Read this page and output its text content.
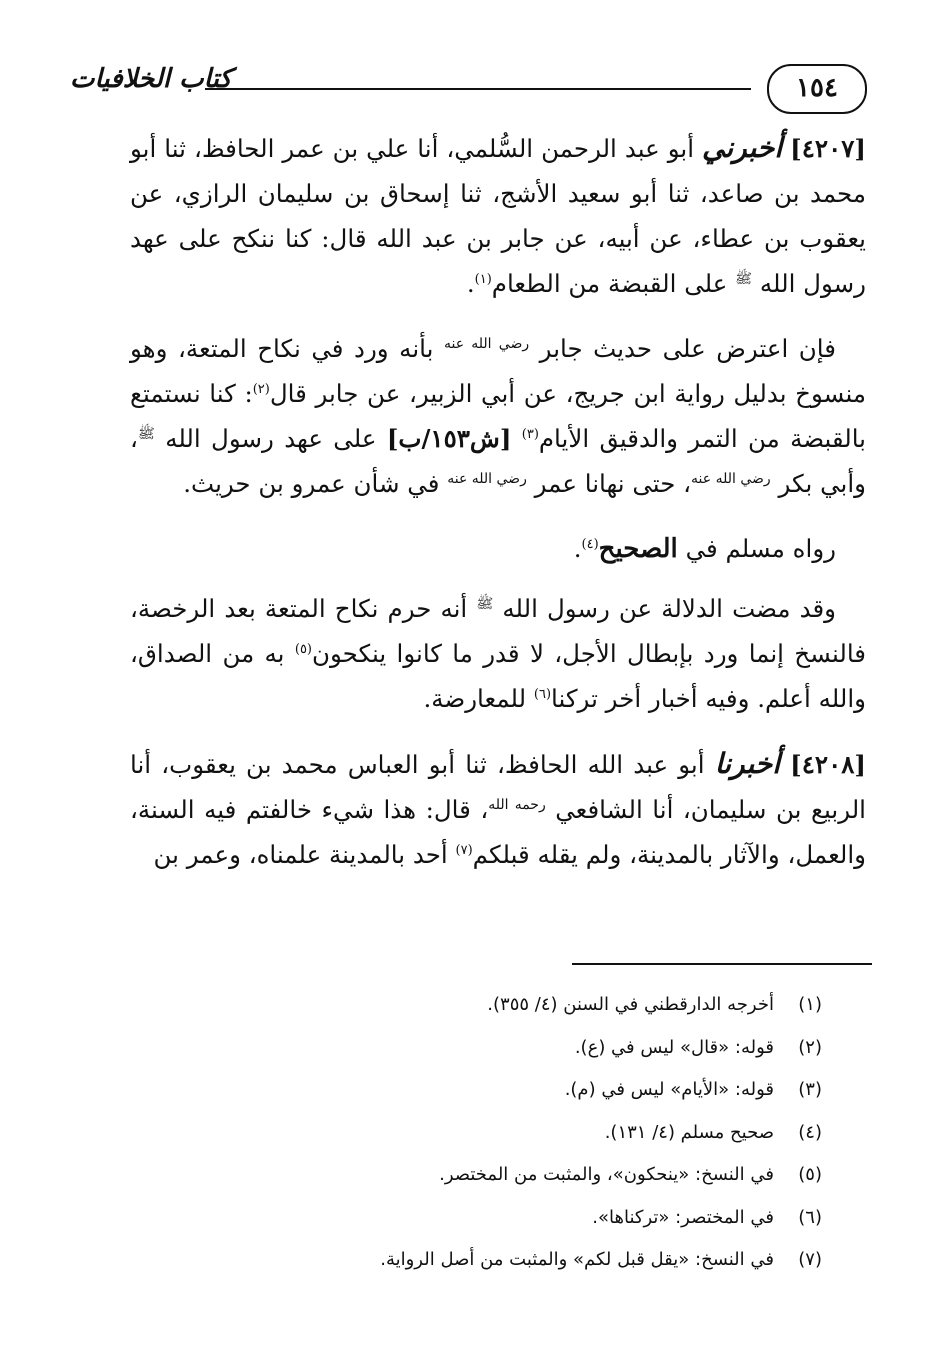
١٥٤
كتاب الخلافيات

[٤٢٠٧] أخبرني أبو عبد الرحمن السُّلمي، أنا علي بن عمر الحافظ، ثنا أبو محمد بن صاعد، ثنا أبو سعيد الأشج، ثنا إسحاق بن سليمان الرازي، عن يعقوب بن عطاء، عن أبيه، عن جابر بن عبد الله قال: كنا ننكح على عهد رسول الله $^ﷺ$ على القبضة من الطعام$^{(١)}$.

فإن اعترض على حديث جابر $^{رضي الله عنه}$ بأنه ورد في نكاح المتعة، وهو منسوخ بدليل رواية ابن جريج، عن أبي الزبير، عن جابر قال$^{(٢)}$: كنا نستمتع بالقبضة من التمر والدقيق الأيام$^{(٣)}$ [ش١٥٣/ب] على عهد رسول الله $^ﷺ$، وأبي بكر $^{رضي الله عنه}$، حتى نهانا عمر $^{رضي الله عنه}$ في شأن عمرو بن حريث.

رواه مسلم في الصحيح$^{(٤)}$.

وقد مضت الدلالة عن رسول الله $^ﷺ$ أنه حرم نكاح المتعة بعد الرخصة، فالنسخ إنما ورد بإبطال الأجل، لا قدر ما كانوا ينكحون$^{(٥)}$ به من الصداق، والله أعلم. وفيه أخبار أخر تركنا$^{(٦)}$ للمعارضة.

[٤٢٠٨] أخبرنا أبو عبد الله الحافظ، ثنا أبو العباس محمد بن يعقوب، أنا الربيع بن سليمان، أنا الشافعي $^{رحمه الله}$، قال: هذا شيء خالفتم فيه السنة، والعمل، والآثار بالمدينة، ولم يقله قبلكم$^{(٧)}$ أحد بالمدينة علمناه، وعمر بن

(١)أخرجه الدارقطني في السنن (٤/ ٣٥٥).
(٢)قوله: «قال» ليس في (ع).
(٣)قوله: «الأيام» ليس في (م).
(٤)صحيح مسلم (٤/ ١٣١).
(٥)في النسخ: «ينحكون»، والمثبت من المختصر.
(٦)في المختصر: «تركناها».
(٧)في النسخ: «يقل قبل لكم» والمثبت من أصل الرواية.
